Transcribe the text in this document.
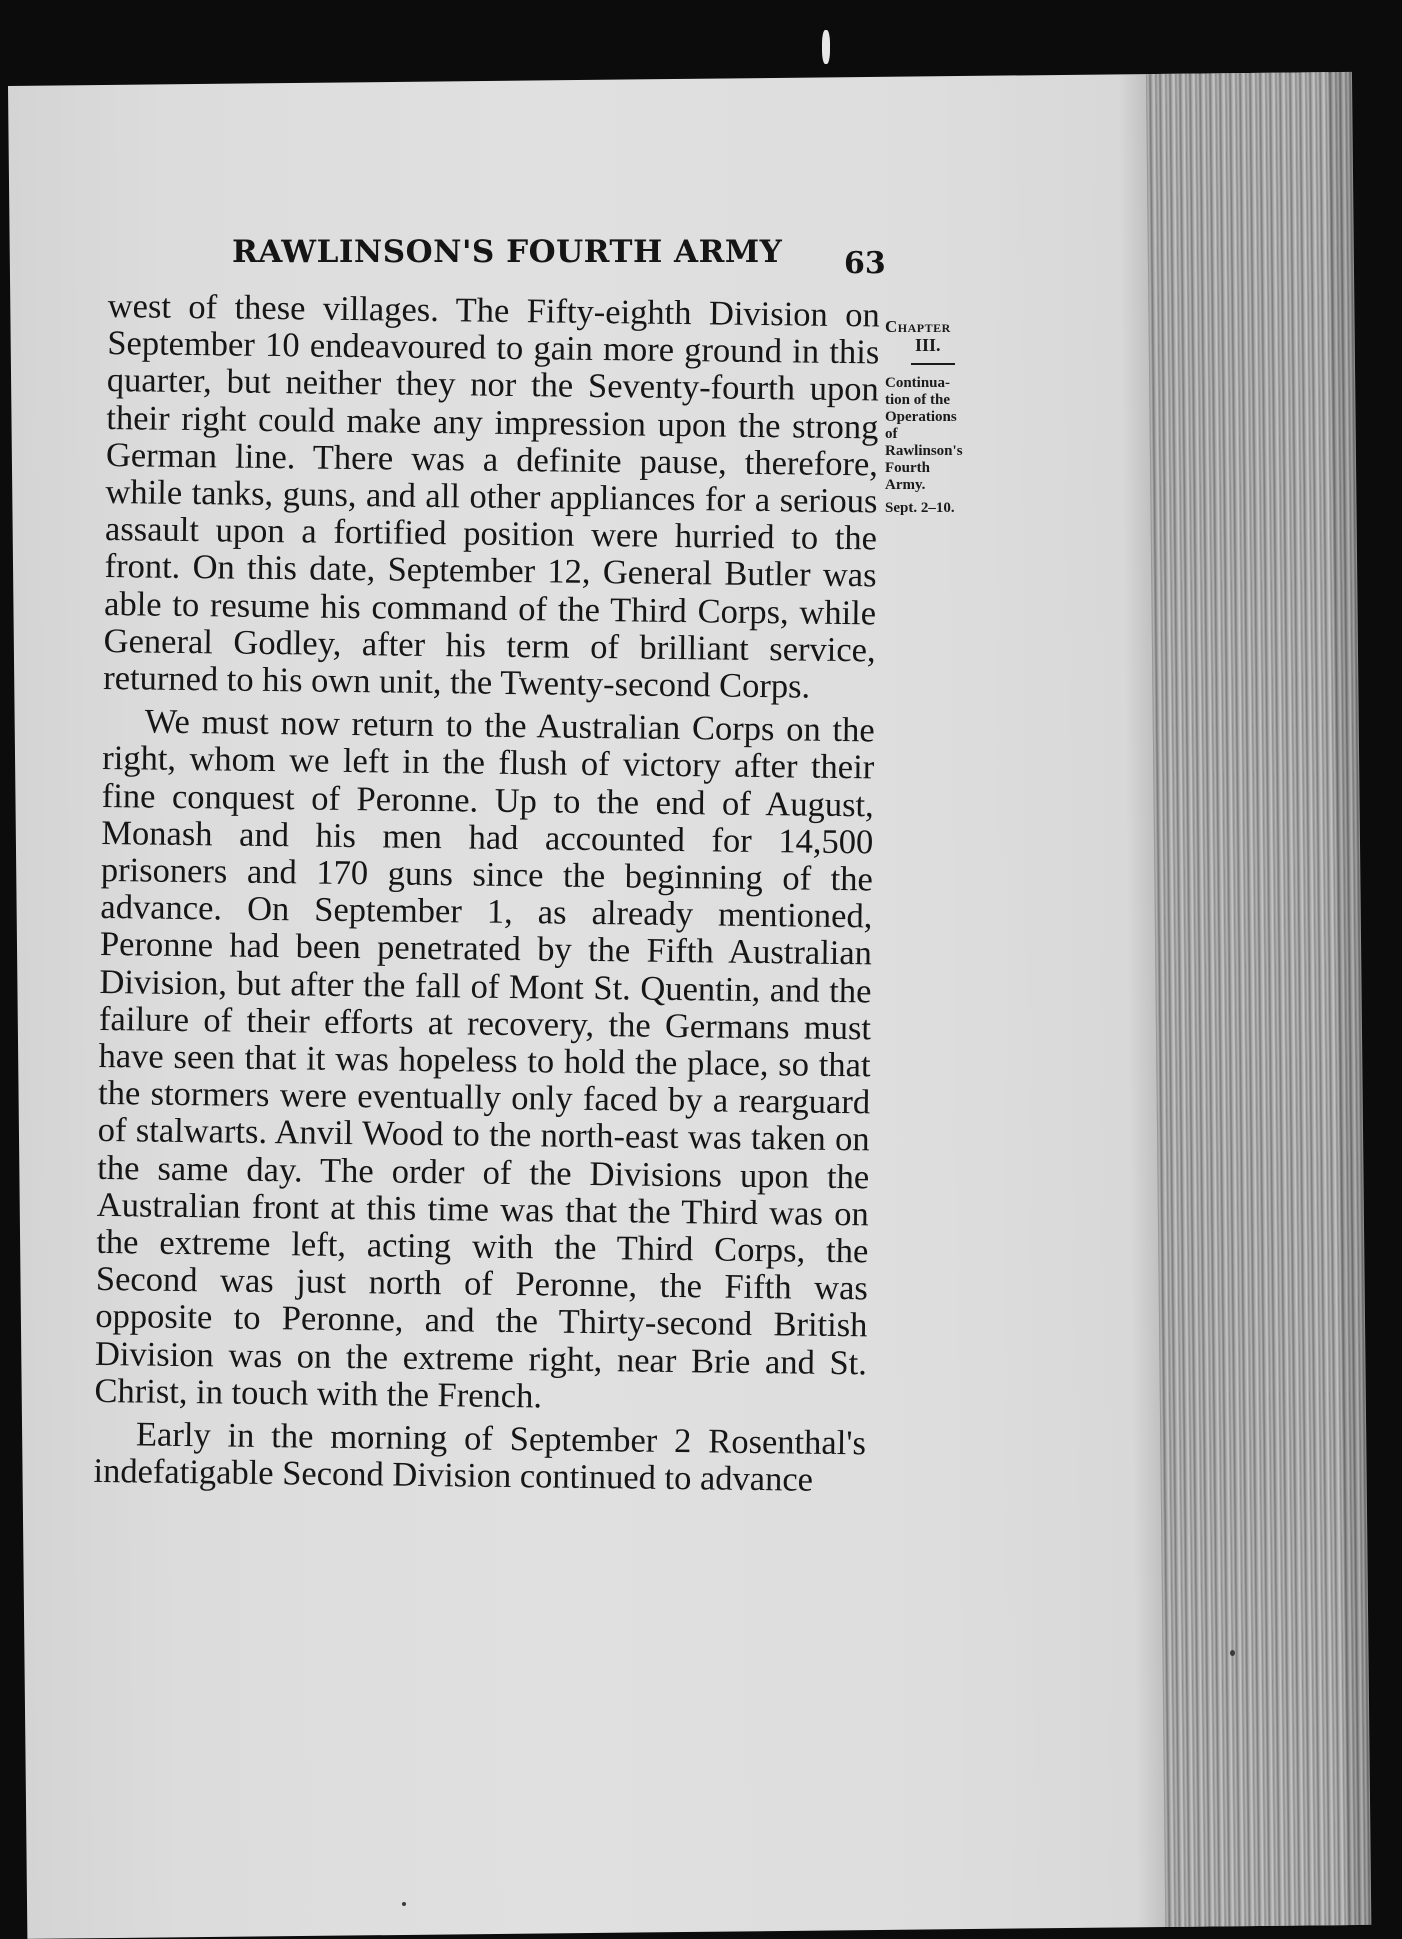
RAWLINSON'S FOURTH ARMY	63

west of these villages. The Fifty-eighth Division on September 10 endeavoured to gain more ground in this quarter, but neither they nor the Seventy-fourth upon their right could make any impression upon the strong German line. There was a definite pause, therefore, while tanks, guns, and all other appliances for a serious assault upon a fortified position were hurried to the front. On this date, September 12, General Butler was able to resume his command of the Third Corps, while General Godley, after his term of brilliant service, returned to his own unit, the Twenty-second Corps.

We must now return to the Australian Corps on the right, whom we left in the flush of victory after their fine conquest of Peronne. Up to the end of August, Monash and his men had accounted for 14,500 prisoners and 170 guns since the beginning of the advance. On September 1, as already mentioned, Peronne had been penetrated by the Fifth Australian Division, but after the fall of Mont St. Quentin, and the failure of their efforts at recovery, the Germans must have seen that it was hopeless to hold the place, so that the stormers were eventually only faced by a rearguard of stalwarts. Anvil Wood to the north-east was taken on the same day. The order of the Divisions upon the Australian front at this time was that the Third was on the extreme left, acting with the Third Corps, the Second was just north of Peronne, the Fifth was opposite to Peronne, and the Thirty-second British Division was on the extreme right, near Brie and St. Christ, in touch with the French.

Early in the morning of September 2 Rosenthal's indefatigable Second Division continued to advance

Chapter
III.
Continua-
tion of the
Operations
of
Rawlinson's
Fourth
Army.
Sept. 2–10.
